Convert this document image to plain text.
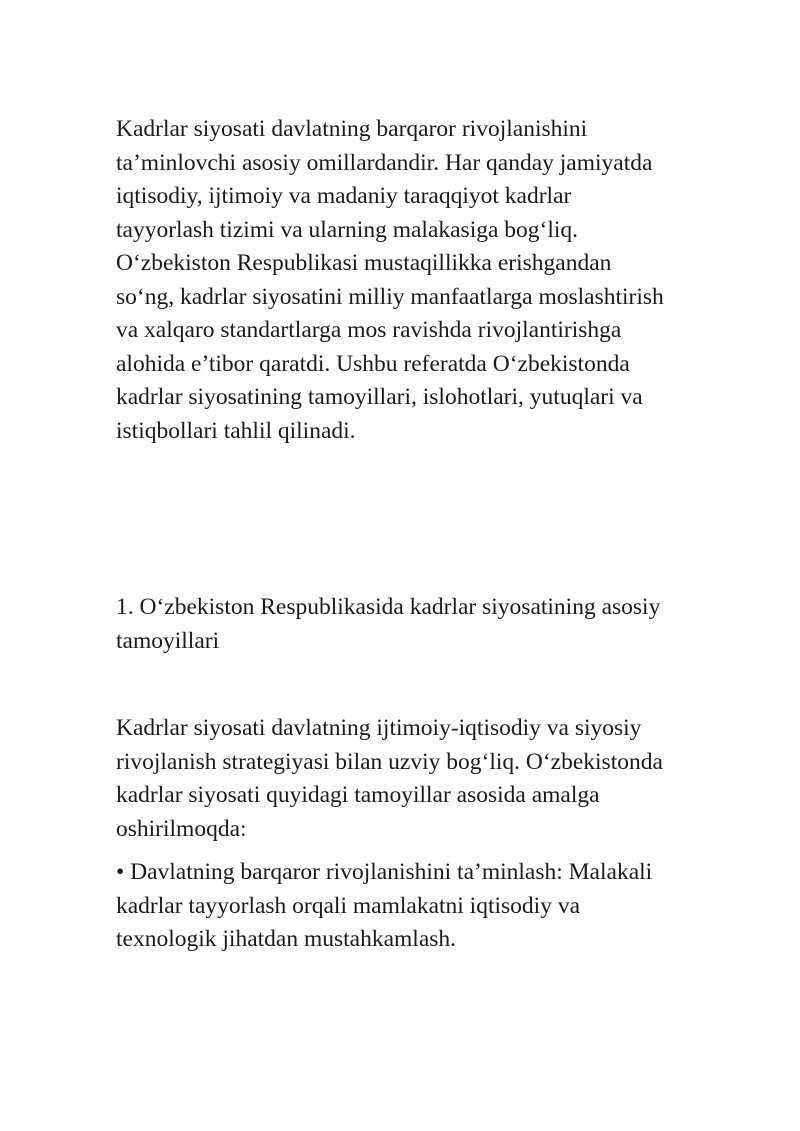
Kadrlar siyosati davlatning barqaror rivojlanishini
ta’minlovchi asosiy omillardandir. Har qanday jamiyatda
iqtisodiy, ijtimoiy va madaniy taraqqiyot kadrlar
tayyorlash tizimi va ularning malakasiga bog‘liq.
O‘zbekiston Respublikasi mustaqillikka erishgandan
so‘ng, kadrlar siyosatini milliy manfaatlarga moslashtirish
va xalqaro standartlarga mos ravishda rivojlantirishga
alohida e’tibor qaratdi. Ushbu referatda O‘zbekistonda
kadrlar siyosatining tamoyillari, islohotlari, yutuqlari va
istiqbollari tahlil qilinadi.

1. O‘zbekiston Respublikasida kadrlar siyosatining asosiy
tamoyillari

Kadrlar siyosati davlatning ijtimoiy-iqtisodiy va siyosiy
rivojlanish strategiyasi bilan uzviy bog‘liq. O‘zbekistonda
kadrlar siyosati quyidagi tamoyillar asosida amalga
oshirilmoqda:

• Davlatning barqaror rivojlanishini ta’minlash: Malakali
kadrlar tayyorlash orqali mamlakatni iqtisodiy va
texnologik jihatdan mustahkamlash.
